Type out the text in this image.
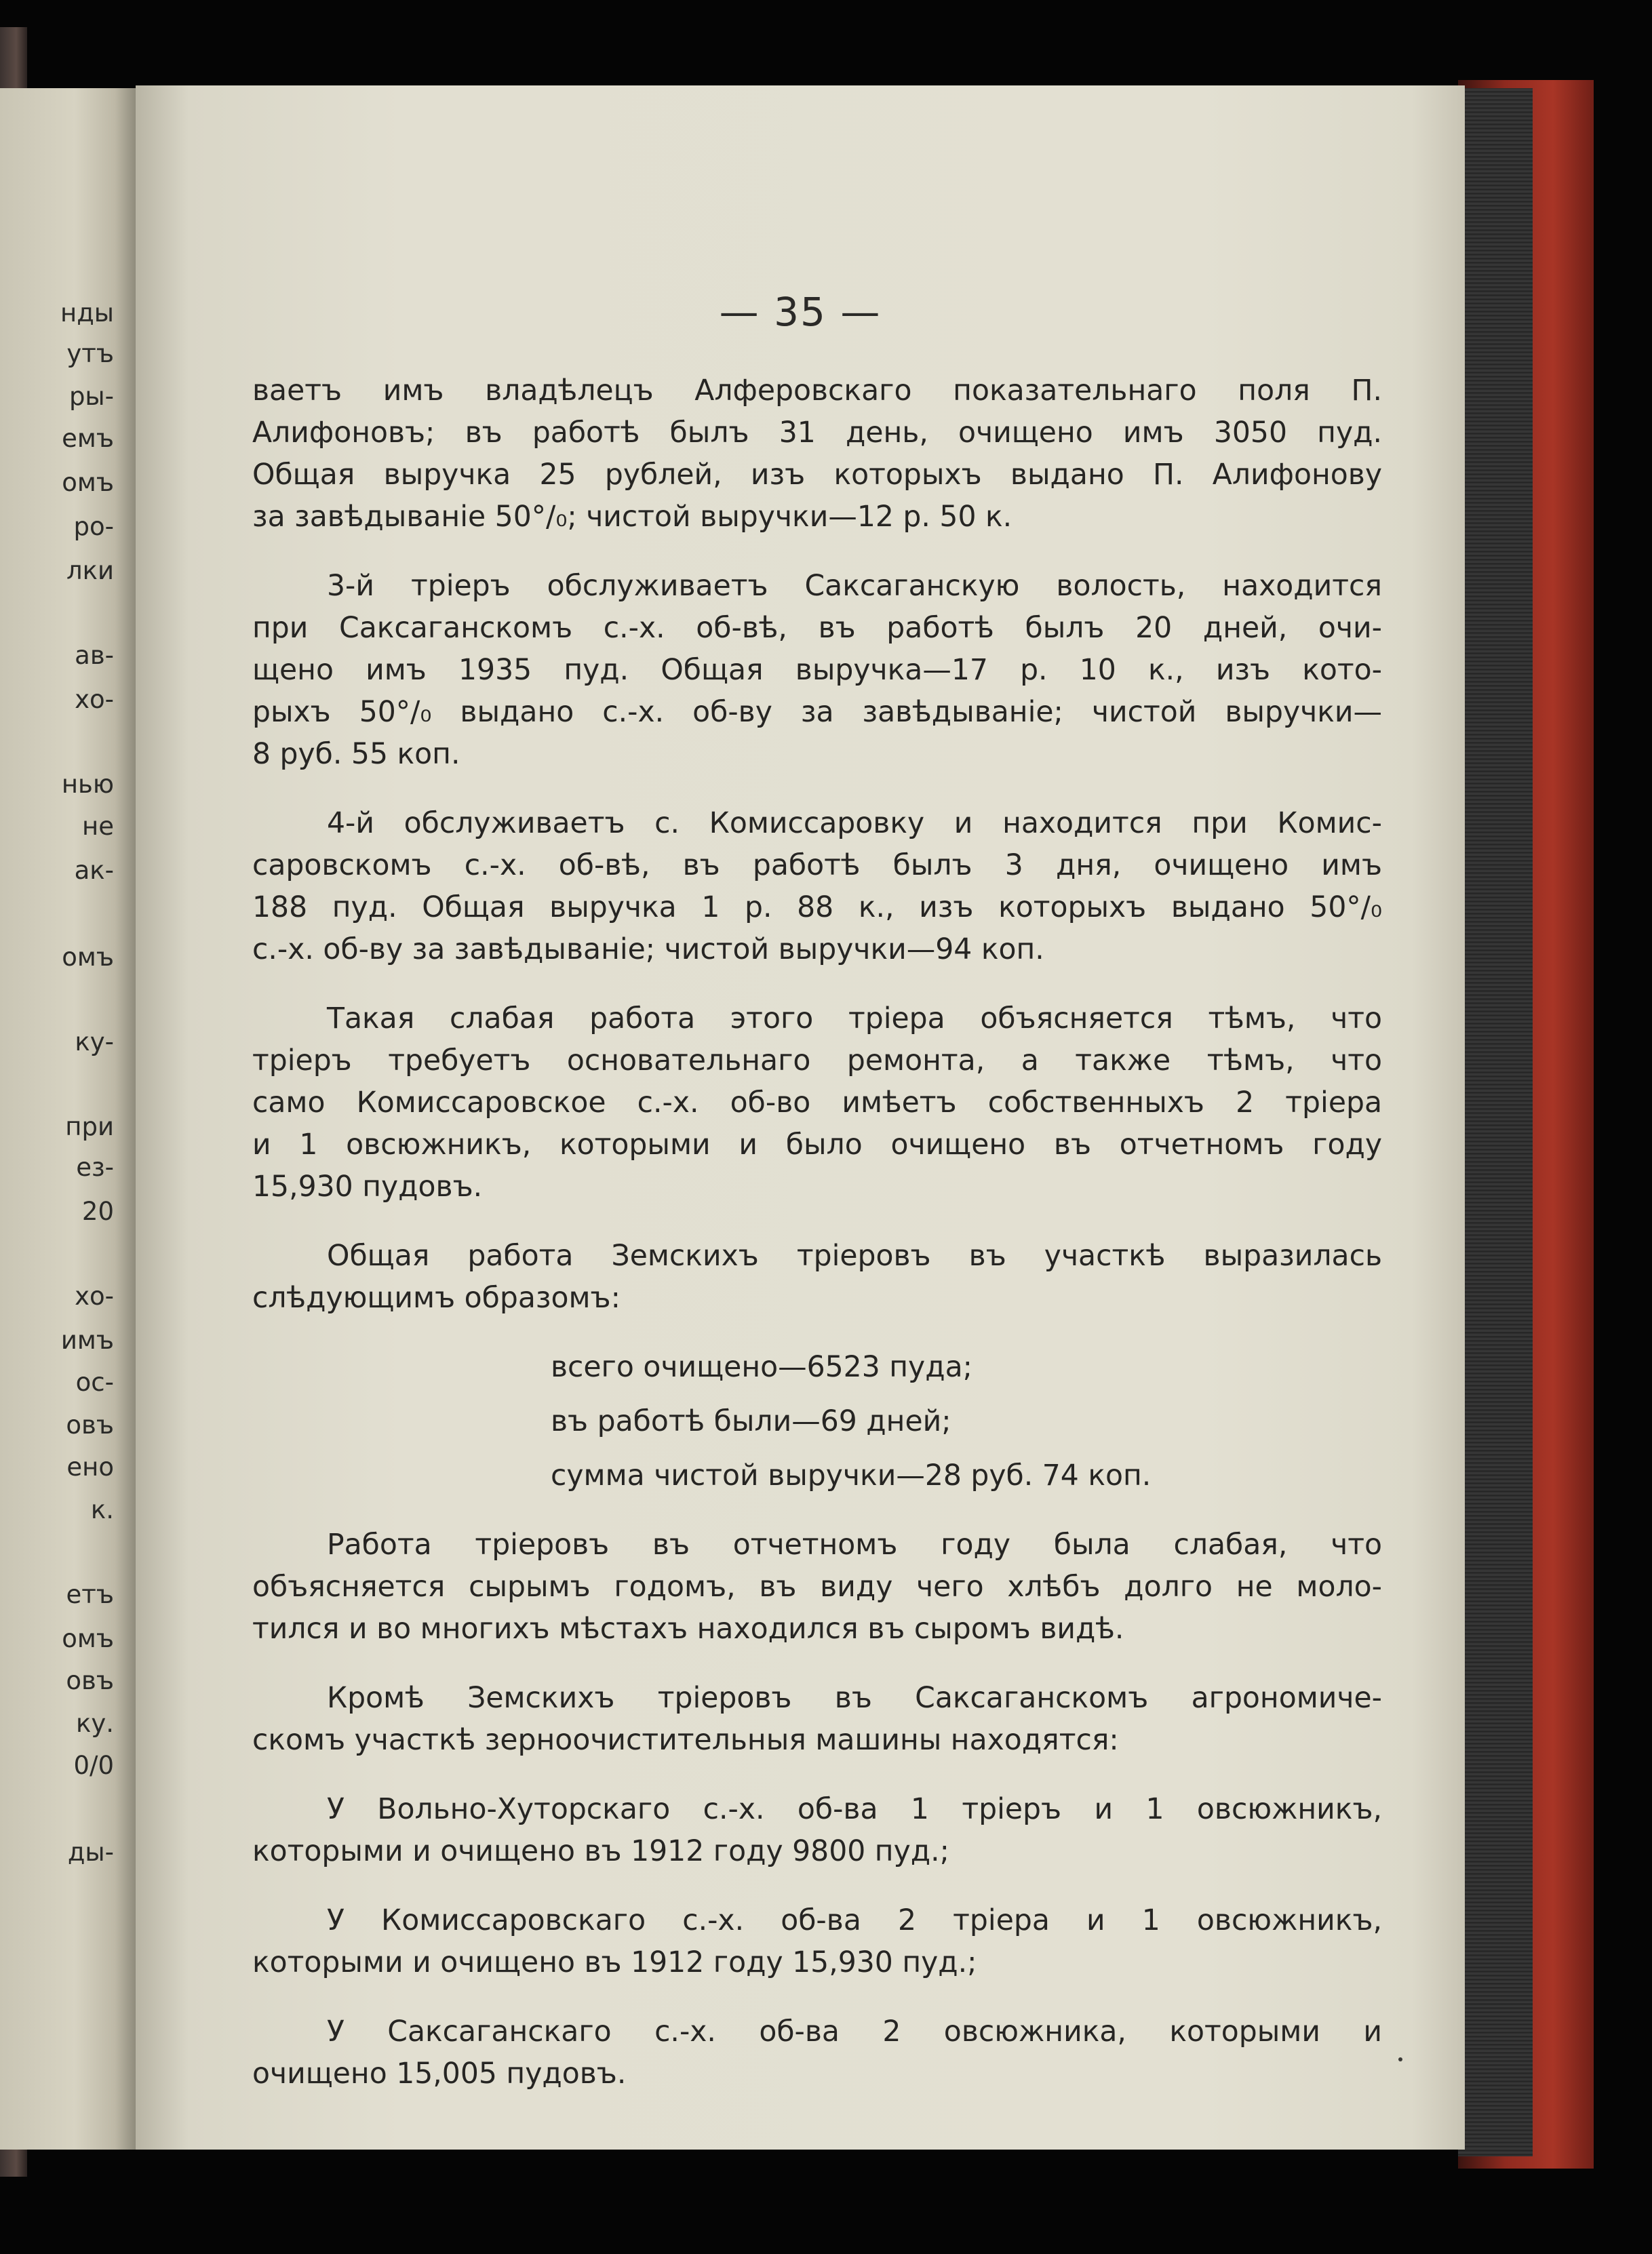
нды
утъ
ры-
емъ
омъ
ро-
лки
ав-
хо-
нью
не
ак-
омъ
ку-
при
ез-
20
хо-
имъ
ос-
овъ
ено
к.
етъ
омъ
овъ
ку.
0/0
ды-
— 35 —

ваетъ имъ владѣлецъ Алферовскаго показательнаго поля П.
Алифоновъ; въ работѣ былъ 31 день, очищено имъ 3050 пуд.
Общая выручка 25 рублей, изъ которыхъ выдано П. Алифонову
за завѣдываніе 50°/₀; чистой выручки—12 р. 50 к.

3-й тріеръ обслуживаетъ Саксаганскую волость, находится
при Саксаганскомъ с.-х. об-вѣ, въ работѣ былъ 20 дней, очи-
щено имъ 1935 пуд. Общая выручка—17 р. 10 к., изъ кото-
рыхъ 50°/₀ выдано с.-х. об-ву за завѣдываніе; чистой выручки—
8 руб. 55 коп.

4-й обслуживаетъ с. Комиссаровку и находится при Комис-
саровскомъ с.-х. об-вѣ, въ работѣ былъ 3 дня, очищено имъ
188 пуд. Общая выручка 1 р. 88 к., изъ которыхъ выдано 50°/₀
с.-х. об-ву за завѣдываніе; чистой выручки—94 коп.

Такая слабая работа этого тріера объясняется тѣмъ, что
тріеръ требуетъ основательнаго ремонта, а также тѣмъ, что
само Комиссаровское с.-х. об-во имѣетъ собственныхъ 2 тріера
и 1 овсюжникъ, которыми и было очищено въ отчетномъ году
15,930 пудовъ.

Общая работа Земскихъ тріеровъ въ участкѣ выразилась
слѣдующимъ образомъ:

всего очищено—6523 пуда;
въ работѣ были—69 дней;
сумма чистой выручки—28 руб. 74 коп.

Работа тріеровъ въ отчетномъ году была слабая, что
объясняется сырымъ годомъ, въ виду чего хлѣбъ долго не моло-
тился и во многихъ мѣстахъ находился въ сыромъ видѣ.

Кромѣ Земскихъ тріеровъ въ Саксаганскомъ агрономиче-
скомъ участкѣ зерноочистительныя машины находятся:

У Вольно-Хуторскаго с.-х. об-ва 1 тріеръ и 1 овсюжникъ,
которыми и очищено въ 1912 году 9800 пуд.;

У Комиссаровскаго с.-х. об-ва 2 тріера и 1 овсюжникъ,
которыми и очищено въ 1912 году 15,930 пуд.;

У Саксаганскаго с.-х. об-ва 2 овсюжника, которыми и
очищено 15,005 пудовъ.
